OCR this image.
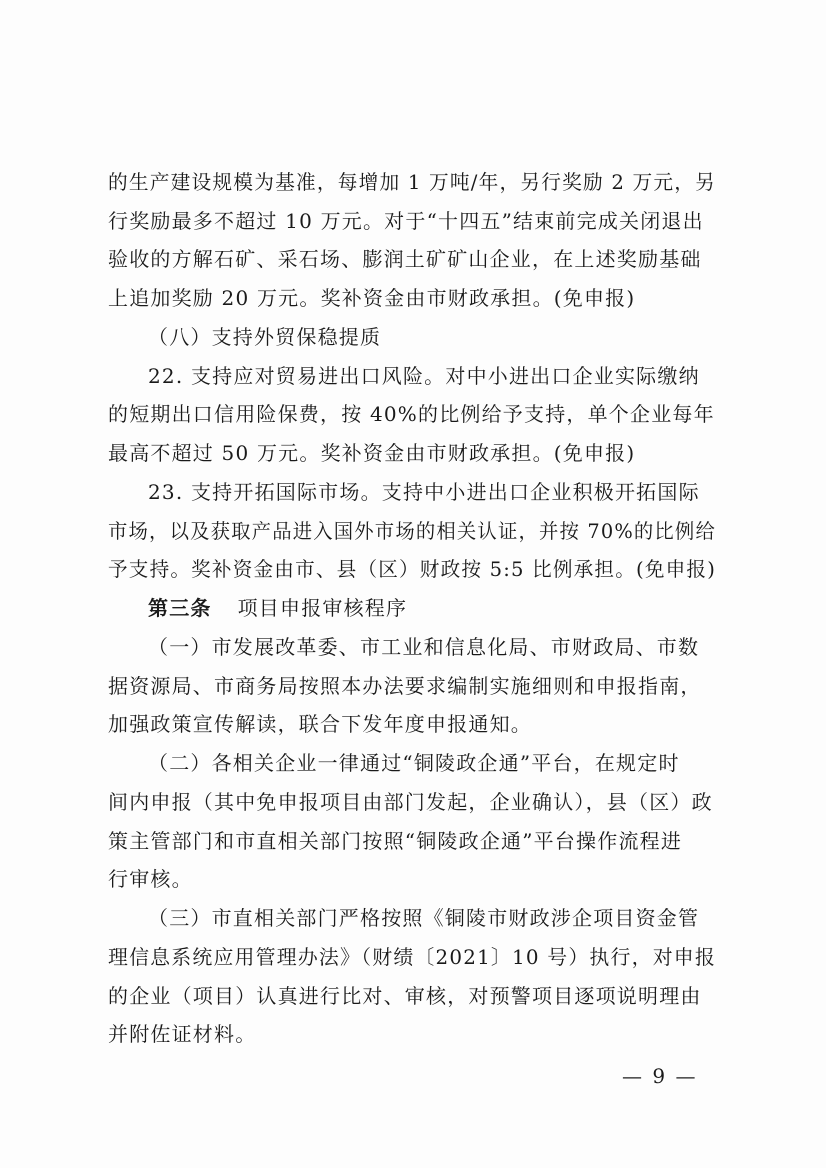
的生产建设规模为基准，每增加 1 万吨/年，另行奖励 2 万元，另
行奖励最多不超过 10 万元。对于“十四五”结束前完成关闭退出
验收的方解石矿、采石场、膨润土矿矿山企业，在上述奖励基础
上追加奖励 20 万元。奖补资金由市财政承担。(免申报)
（八）支持外贸保稳提质
22. 支持应对贸易进出口风险。对中小进出口企业实际缴纳
的短期出口信用险保费，按 40%的比例给予支持，单个企业每年
最高不超过 50 万元。奖补资金由市财政承担。(免申报)
23. 支持开拓国际市场。支持中小进出口企业积极开拓国际
市场，以及获取产品进入国外市场的相关认证，并按 70%的比例给
予支持。奖补资金由市、县（区）财政按 5:5 比例承担。(免申报)
第三条 项目申报审核程序
（一）市发展改革委、市工业和信息化局、市财政局、市数
据资源局、市商务局按照本办法要求编制实施细则和申报指南，
加强政策宣传解读，联合下发年度申报通知。
（二）各相关企业一律通过“铜陵政企通”平台，在规定时
间内申报（其中免申报项目由部门发起，企业确认），县（区）政
策主管部门和市直相关部门按照“铜陵政企通”平台操作流程进
行审核。
（三）市直相关部门严格按照《铜陵市财政涉企项目资金管
理信息系统应用管理办法》（财绩〔2021〕10 号）执行，对申报
的企业（项目）认真进行比对、审核，对预警项目逐项说明理由
并附佐证材料。
— 9 —
